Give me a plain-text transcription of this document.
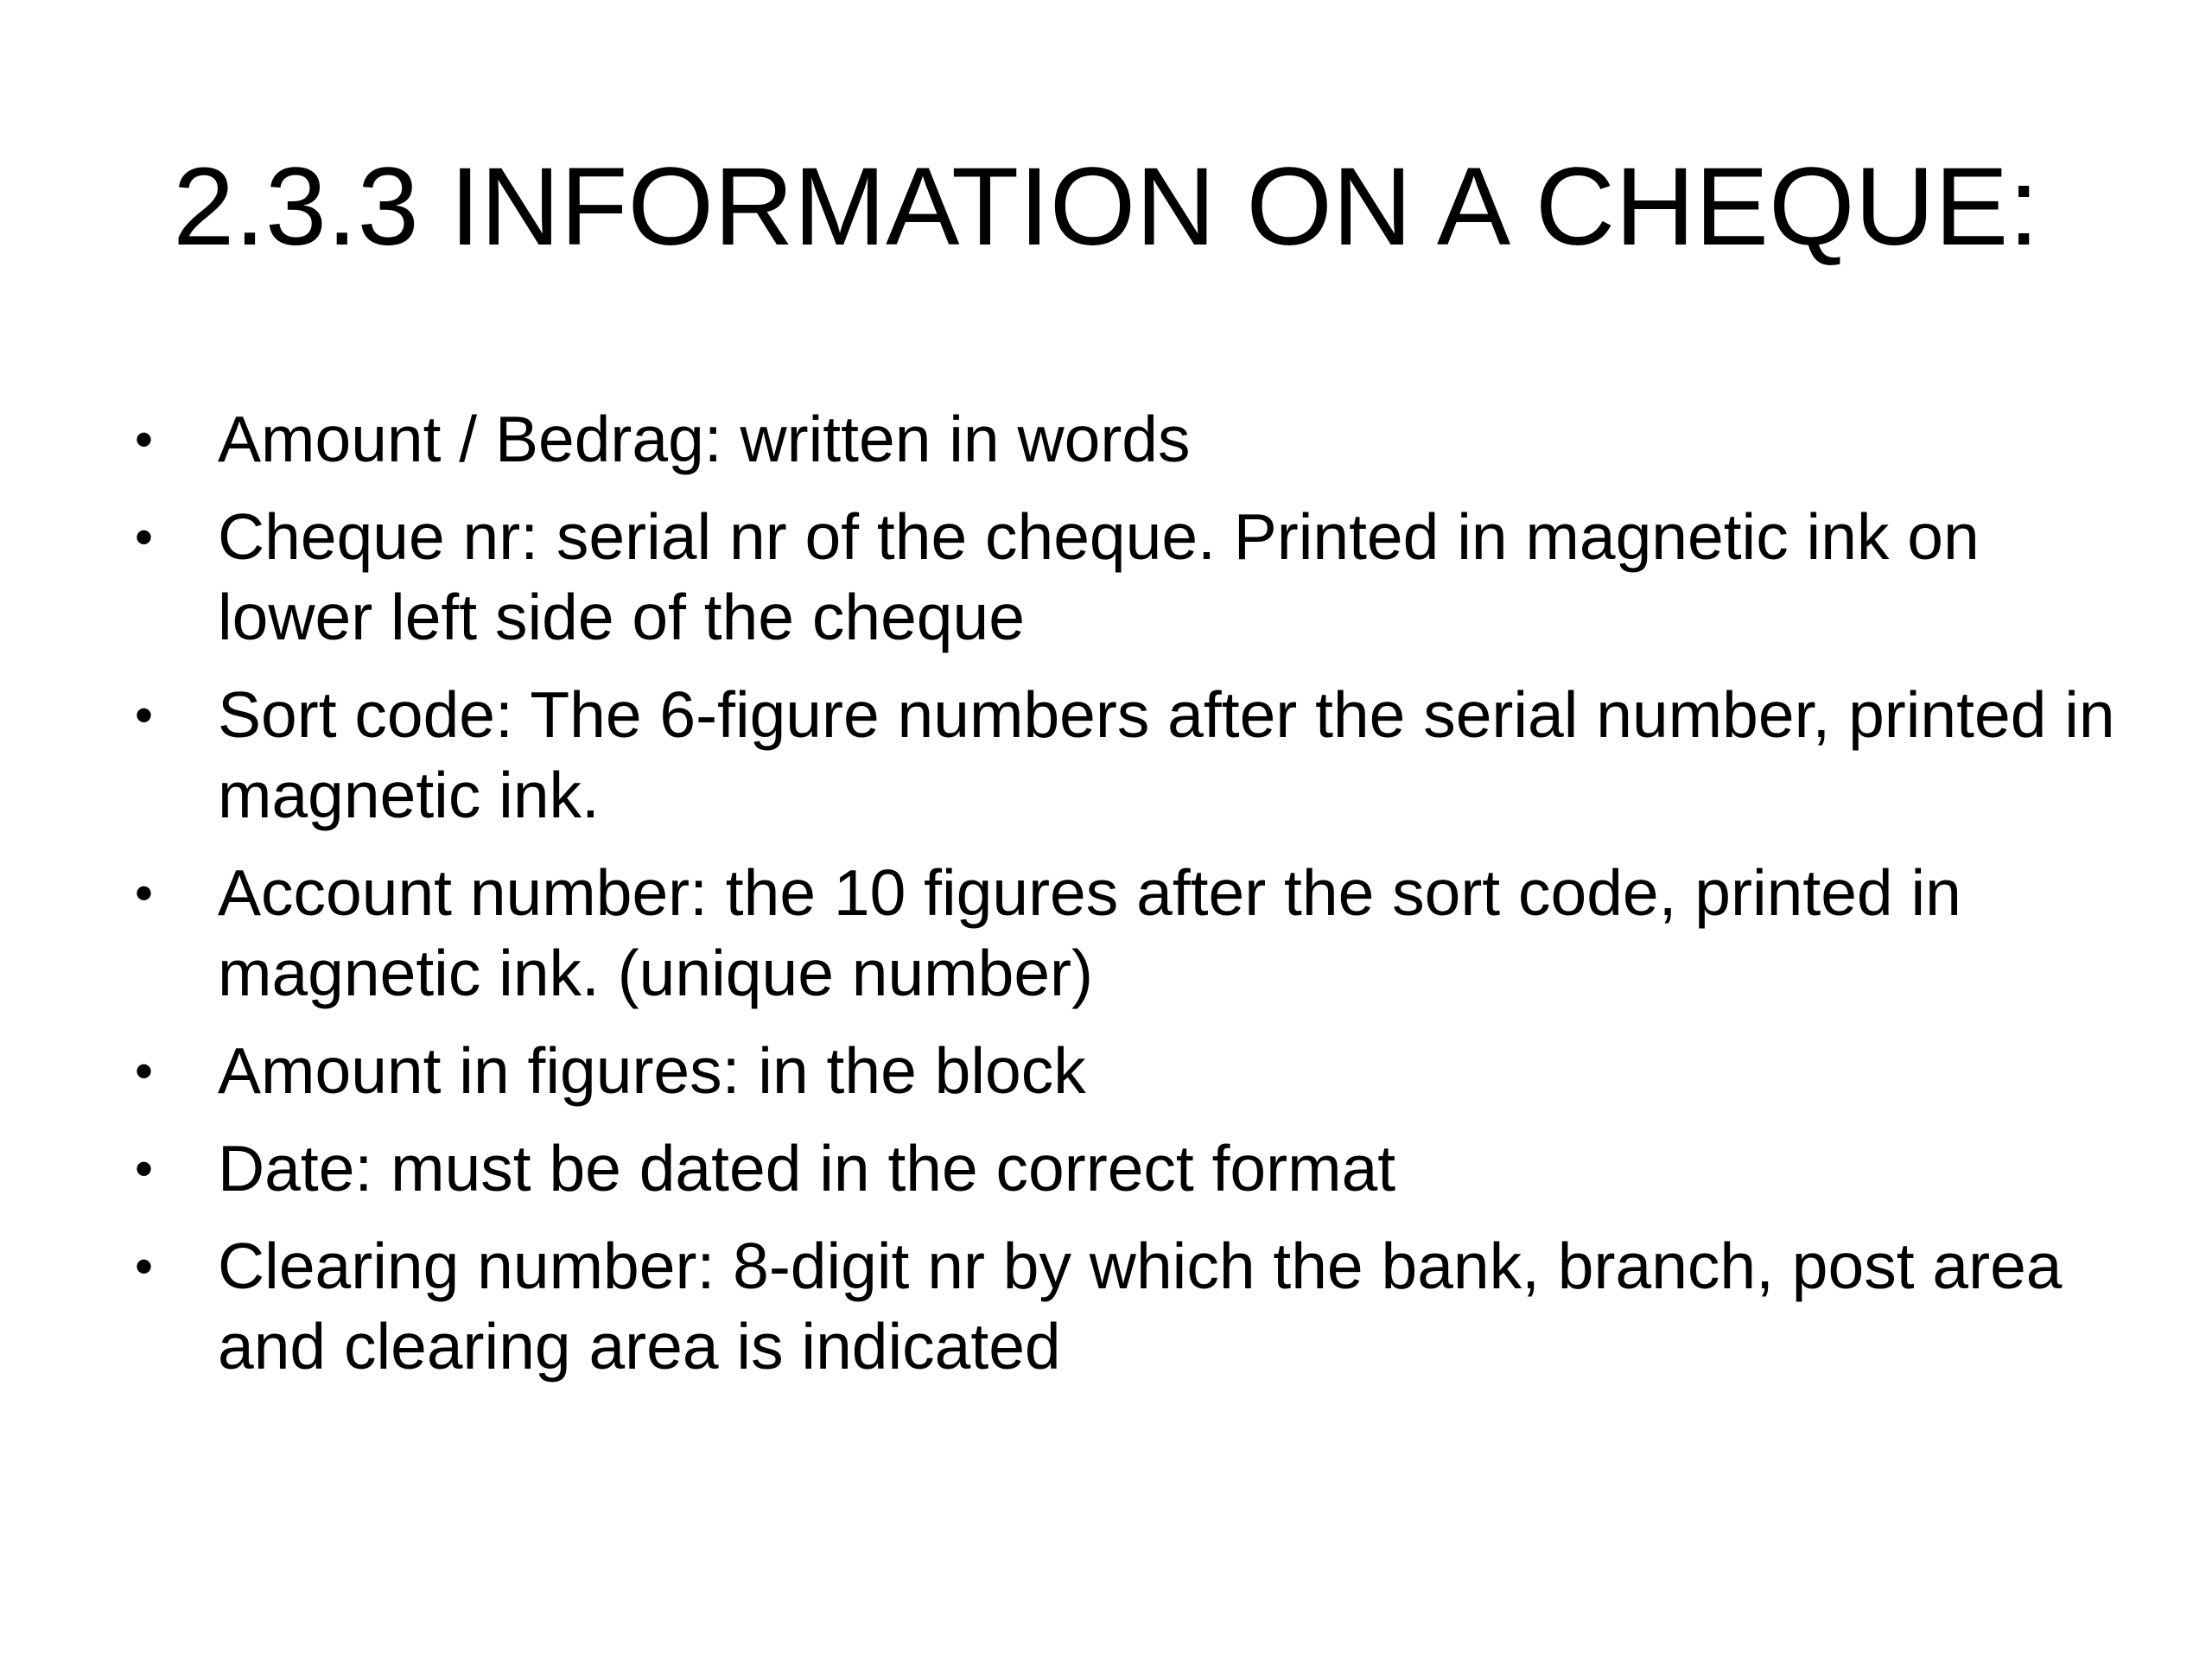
2.3.3 INFORMATION ON A CHEQUE:
• Amount / Bedrag: written in words
• Cheque nr: serial nr of the cheque. Printed in magnetic ink on lower left side of the cheque
• Sort code: The 6-figure numbers after the serial number, printed in magnetic ink.
• Account number: the 10 figures after the sort code, printed in magnetic ink. (unique number)
• Amount in figures: in the block
• Date: must be dated in the correct format
• Clearing number: 8-digit nr by which the bank, branch, post area and clearing area is indicated
